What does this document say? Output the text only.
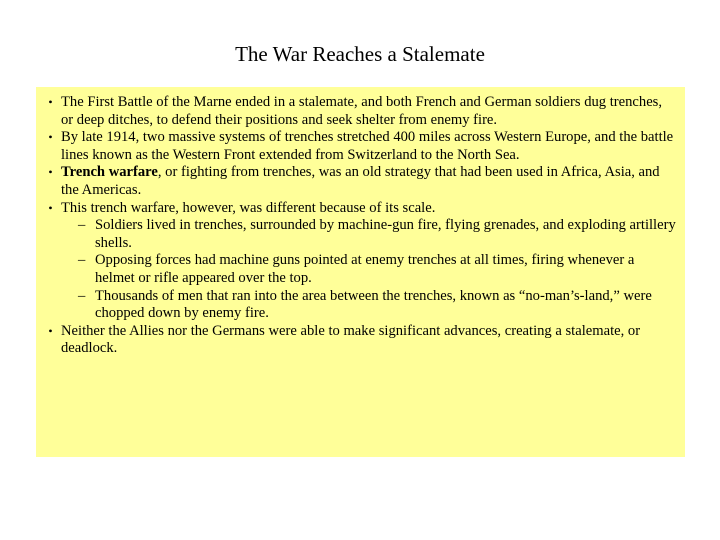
The War Reaches a Stalemate
• The First Battle of the Marne ended in a stalemate, and both French and German soldiers dug trenches, or deep ditches, to defend their positions and seek shelter from enemy fire.
• By late 1914, two massive systems of trenches stretched 400 miles across Western Europe, and the battle lines known as the Western Front extended from Switzerland to the North Sea.
• Trench warfare, or fighting from trenches, was an old strategy that had been used in Africa, Asia, and the Americas.
• This trench warfare, however, was different because of its scale.
– Soldiers lived in trenches, surrounded by machine-gun fire, flying grenades, and exploding artillery shells.
– Opposing forces had machine guns pointed at enemy trenches at all times, firing whenever a helmet or rifle appeared over the top.
– Thousands of men that ran into the area between the trenches, known as “no-man’s-land,” were chopped down by enemy fire.
• Neither the Allies nor the Germans were able to make significant advances, creating a stalemate, or deadlock.
